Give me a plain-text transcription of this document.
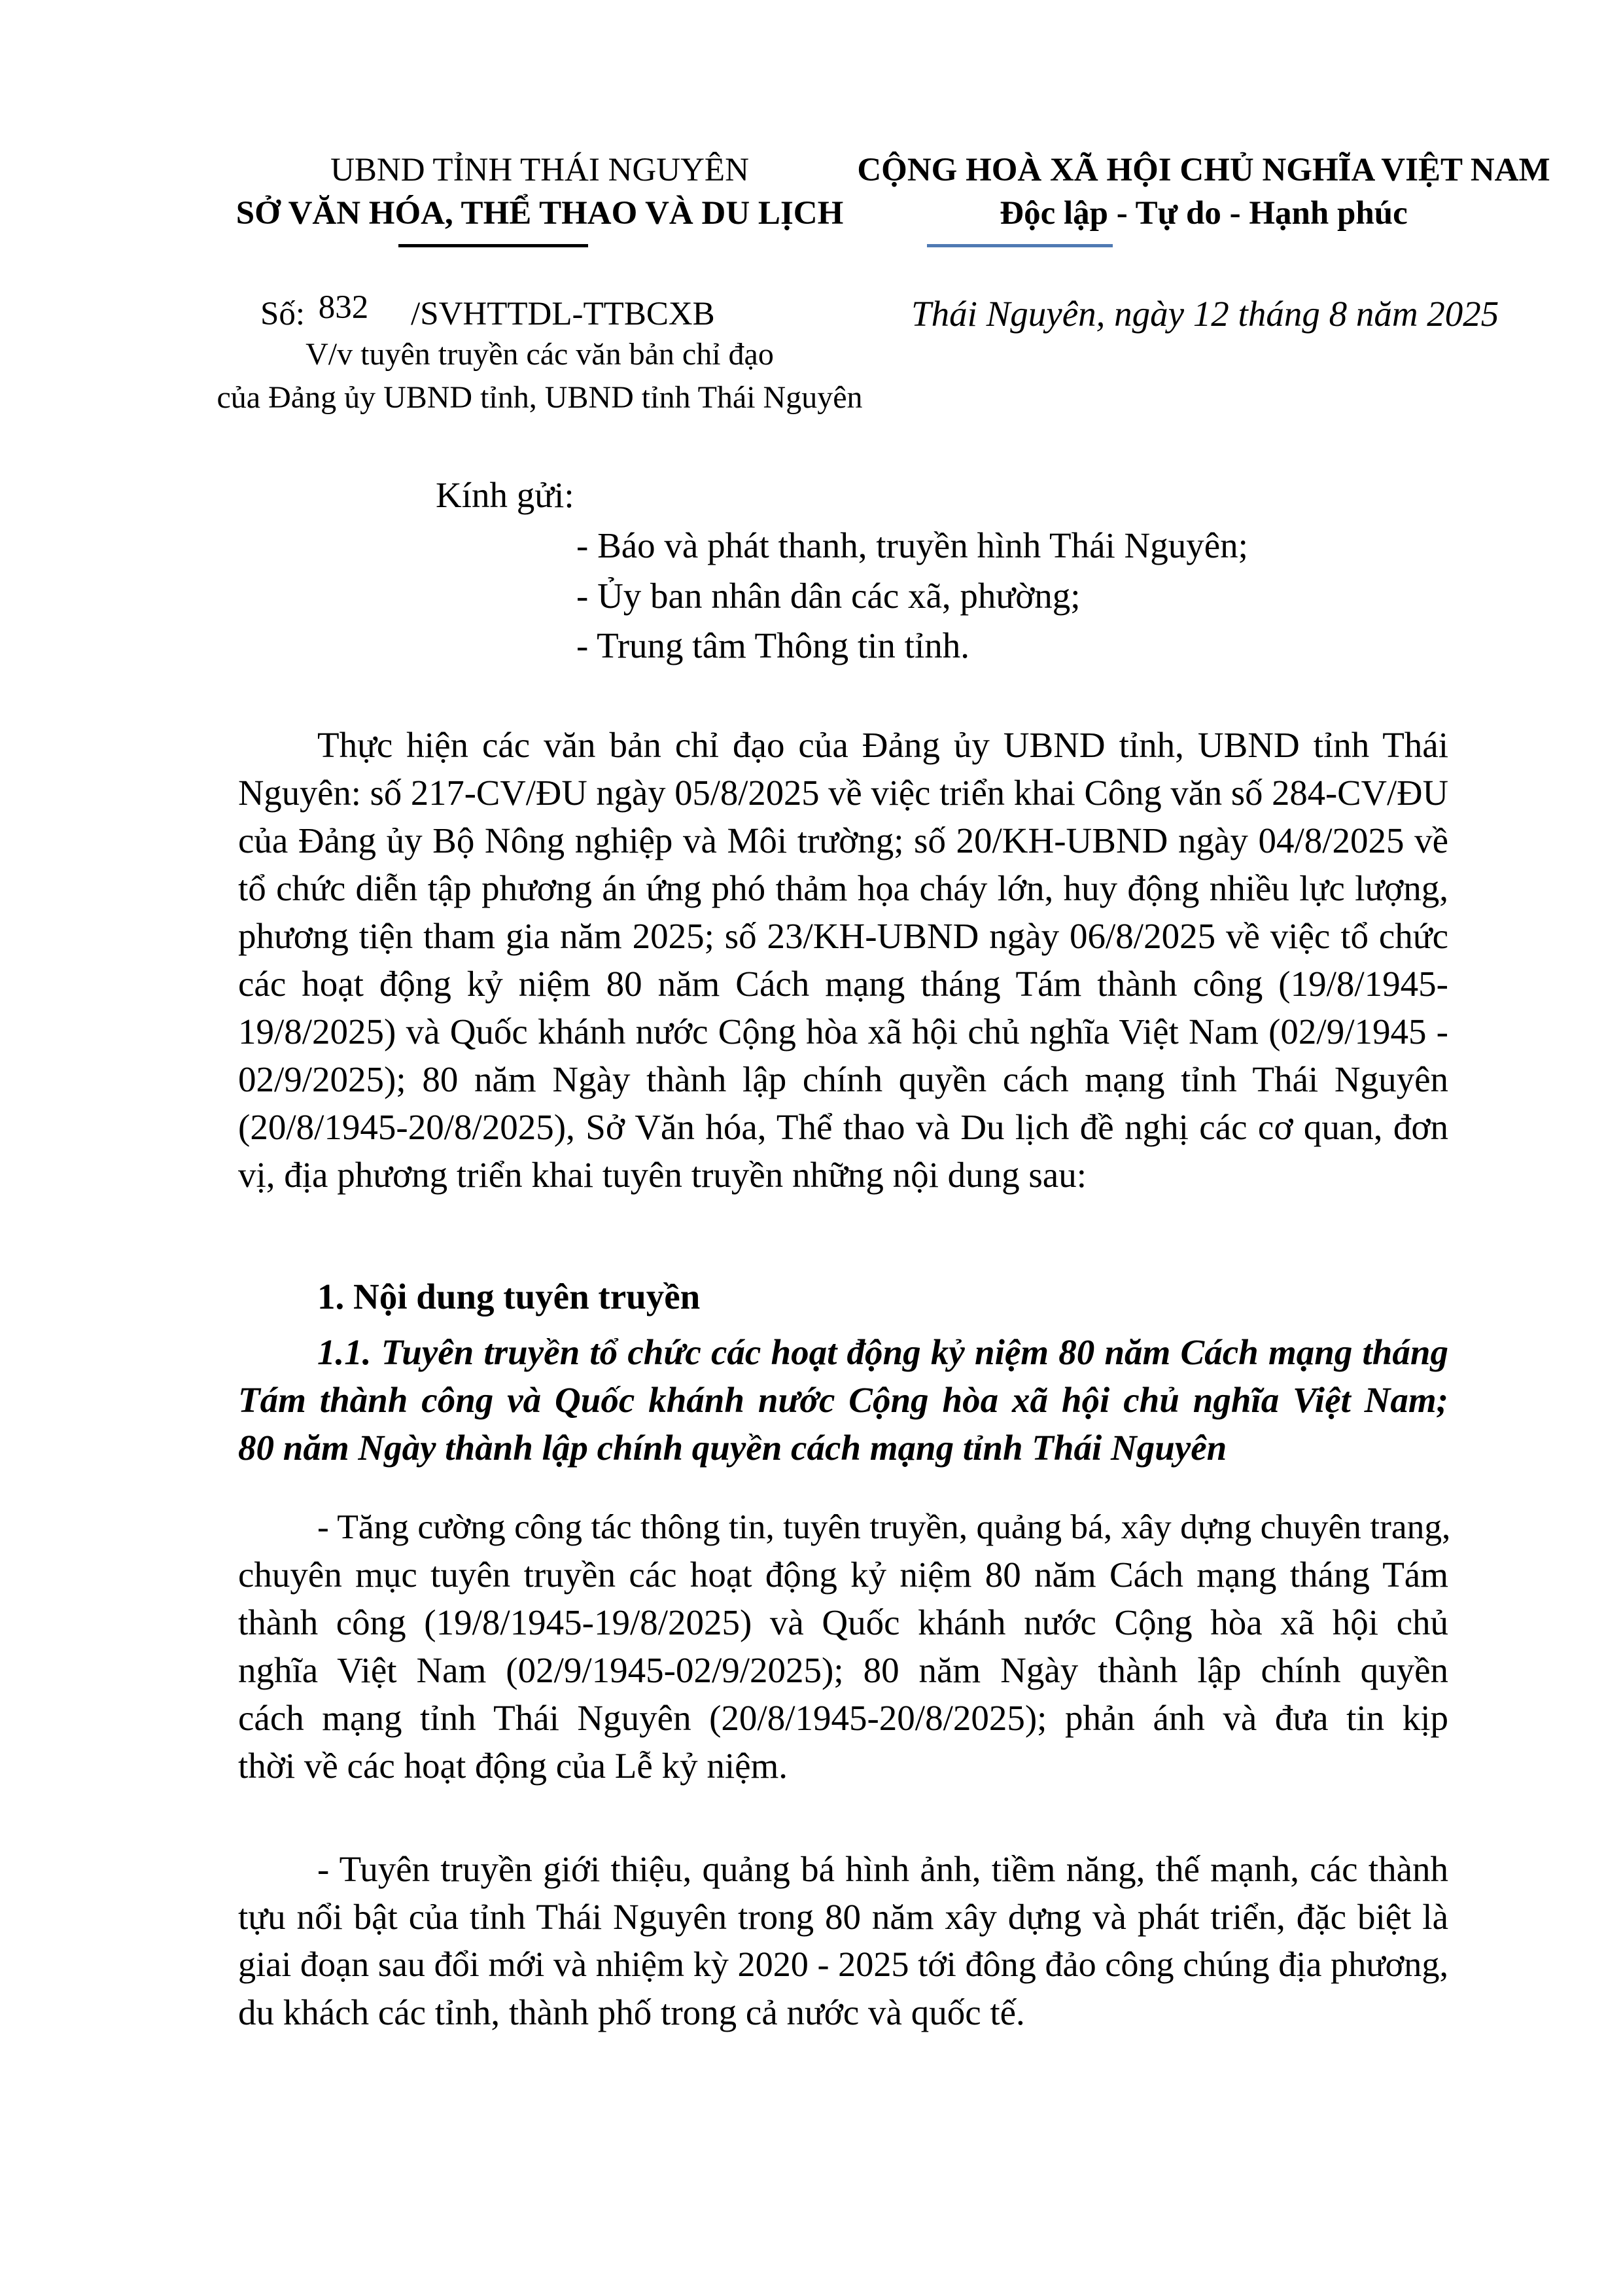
UBND TỈNH THÁI NGUYÊN
SỞ VĂN HÓA, THỂ THAO VÀ DU LỊCH
CỘNG HOÀ XÃ HỘI CHỦ NGHĨA VIỆT NAM
Độc lập - Tự do - Hạnh phúc
Số: 832 /SVHTTDL-TTBCXB
V/v tuyên truyền các văn bản chỉ đạo
của Đảng ủy UBND tỉnh, UBND tỉnh Thái Nguyên
Thái Nguyên, ngày 12 tháng 8 năm 2025
Kính gửi:
- Báo và phát thanh, truyền hình Thái Nguyên;
- Ủy ban nhân dân các xã, phường;
- Trung tâm Thông tin tỉnh.
Thực hiện các văn bản chỉ đạo của Đảng ủy UBND tỉnh, UBND tỉnh Thái
Nguyên: số 217-CV/ĐU ngày 05/8/2025 về việc triển khai Công văn số 284-CV/ĐU
của Đảng ủy Bộ Nông nghiệp và Môi trường; số 20/KH-UBND ngày 04/8/2025 về
tổ chức diễn tập phương án ứng phó thảm họa cháy lớn, huy động nhiều lực lượng,
phương tiện tham gia năm 2025; số 23/KH-UBND ngày 06/8/2025 về việc tổ chức
các hoạt động kỷ niệm 80 năm Cách mạng tháng Tám thành công (19/8/1945-
19/8/2025) và Quốc khánh nước Cộng hòa xã hội chủ nghĩa Việt Nam (02/9/1945 -
02/9/2025); 80 năm Ngày thành lập chính quyền cách mạng tỉnh Thái Nguyên
(20/8/1945-20/8/2025), Sở Văn hóa, Thể thao và Du lịch đề nghị các cơ quan, đơn
vị, địa phương triển khai tuyên truyền những nội dung sau:
1. Nội dung tuyên truyền
1.1. Tuyên truyền tổ chức các hoạt động kỷ niệm 80 năm Cách mạng tháng
Tám thành công và Quốc khánh nước Cộng hòa xã hội chủ nghĩa Việt Nam;
80 năm Ngày thành lập chính quyền cách mạng tỉnh Thái Nguyên
- Tăng cường công tác thông tin, tuyên truyền, quảng bá, xây dựng chuyên trang,
chuyên mục tuyên truyền các hoạt động kỷ niệm 80 năm Cách mạng tháng Tám
thành công (19/8/1945-19/8/2025) và Quốc khánh nước Cộng hòa xã hội chủ
nghĩa Việt Nam (02/9/1945-02/9/2025); 80 năm Ngày thành lập chính quyền
cách mạng tỉnh Thái Nguyên (20/8/1945-20/8/2025); phản ánh và đưa tin kịp
thời về các hoạt động của Lễ kỷ niệm.
- Tuyên truyền giới thiệu, quảng bá hình ảnh, tiềm năng, thế mạnh, các thành
tựu nổi bật của tỉnh Thái Nguyên trong 80 năm xây dựng và phát triển, đặc biệt là
giai đoạn sau đổi mới và nhiệm kỳ 2020 - 2025 tới đông đảo công chúng địa phương,
du khách các tỉnh, thành phố trong cả nước và quốc tế.
